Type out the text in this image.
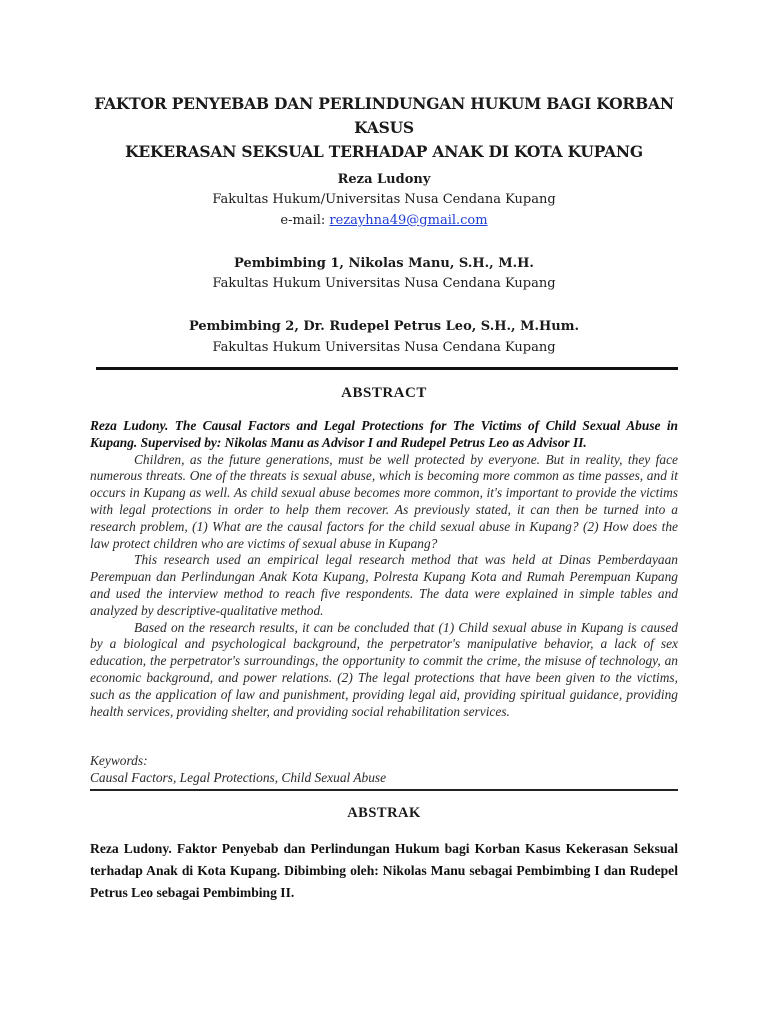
FAKTOR PENYEBAB DAN PERLINDUNGAN HUKUM BAGI KORBAN KASUS
KEKERASAN SEKSUAL TERHADAP ANAK DI KOTA KUPANG
Reza Ludony
Fakultas Hukum/Universitas Nusa Cendana Kupang
e-mail: rezayhna49@gmail.com
Pembimbing 1, Nikolas Manu, S.H., M.H.
Fakultas Hukum Universitas Nusa Cendana Kupang
Pembimbing 2, Dr. Rudepel Petrus Leo, S.H., M.Hum.
Fakultas Hukum Universitas Nusa Cendana Kupang
ABSTRACT

Reza Ludony. The Causal Factors and Legal Protections for The Victims of Child Sexual Abuse in Kupang. Supervised by: Nikolas Manu as Advisor I and Rudepel Petrus Leo as Advisor II.

Children, as the future generations, must be well protected by everyone. But in reality, they face numerous threats. One of the threats is sexual abuse, which is becoming more common as time passes, and it occurs in Kupang as well. As child sexual abuse becomes more common, it's important to provide the victims with legal protections in order to help them recover. As previously stated, it can then be turned into a research problem, (1) What are the causal factors for the child sexual abuse in Kupang? (2) How does the law protect children who are victims of sexual abuse in Kupang?

This research used an empirical legal research method that was held at Dinas Pemberdayaan Perempuan dan Perlindungan Anak Kota Kupang, Polresta Kupang Kota and Rumah Perempuan Kupang and used the interview method to reach five respondents. The data were explained in simple tables and analyzed by descriptive-qualitative method.

Based on the research results, it can be concluded that (1) Child sexual abuse in Kupang is caused by a biological and psychological background, the perpetrator's manipulative behavior, a lack of sex education, the perpetrator's surroundings, the opportunity to commit the crime, the misuse of technology, an economic background, and power relations. (2) The legal protections that have been given to the victims, such as the application of law and punishment, providing legal aid, providing spiritual guidance, providing health services, providing shelter, and providing social rehabilitation services.

Keywords:
Causal Factors, Legal Protections, Child Sexual Abuse
ABSTRAK
Reza Ludony. Faktor Penyebab dan Perlindungan Hukum bagi Korban Kasus Kekerasan Seksual terhadap Anak di Kota Kupang. Dibimbing oleh: Nikolas Manu sebagai Pembimbing I dan Rudepel Petrus Leo sebagai Pembimbing II.
